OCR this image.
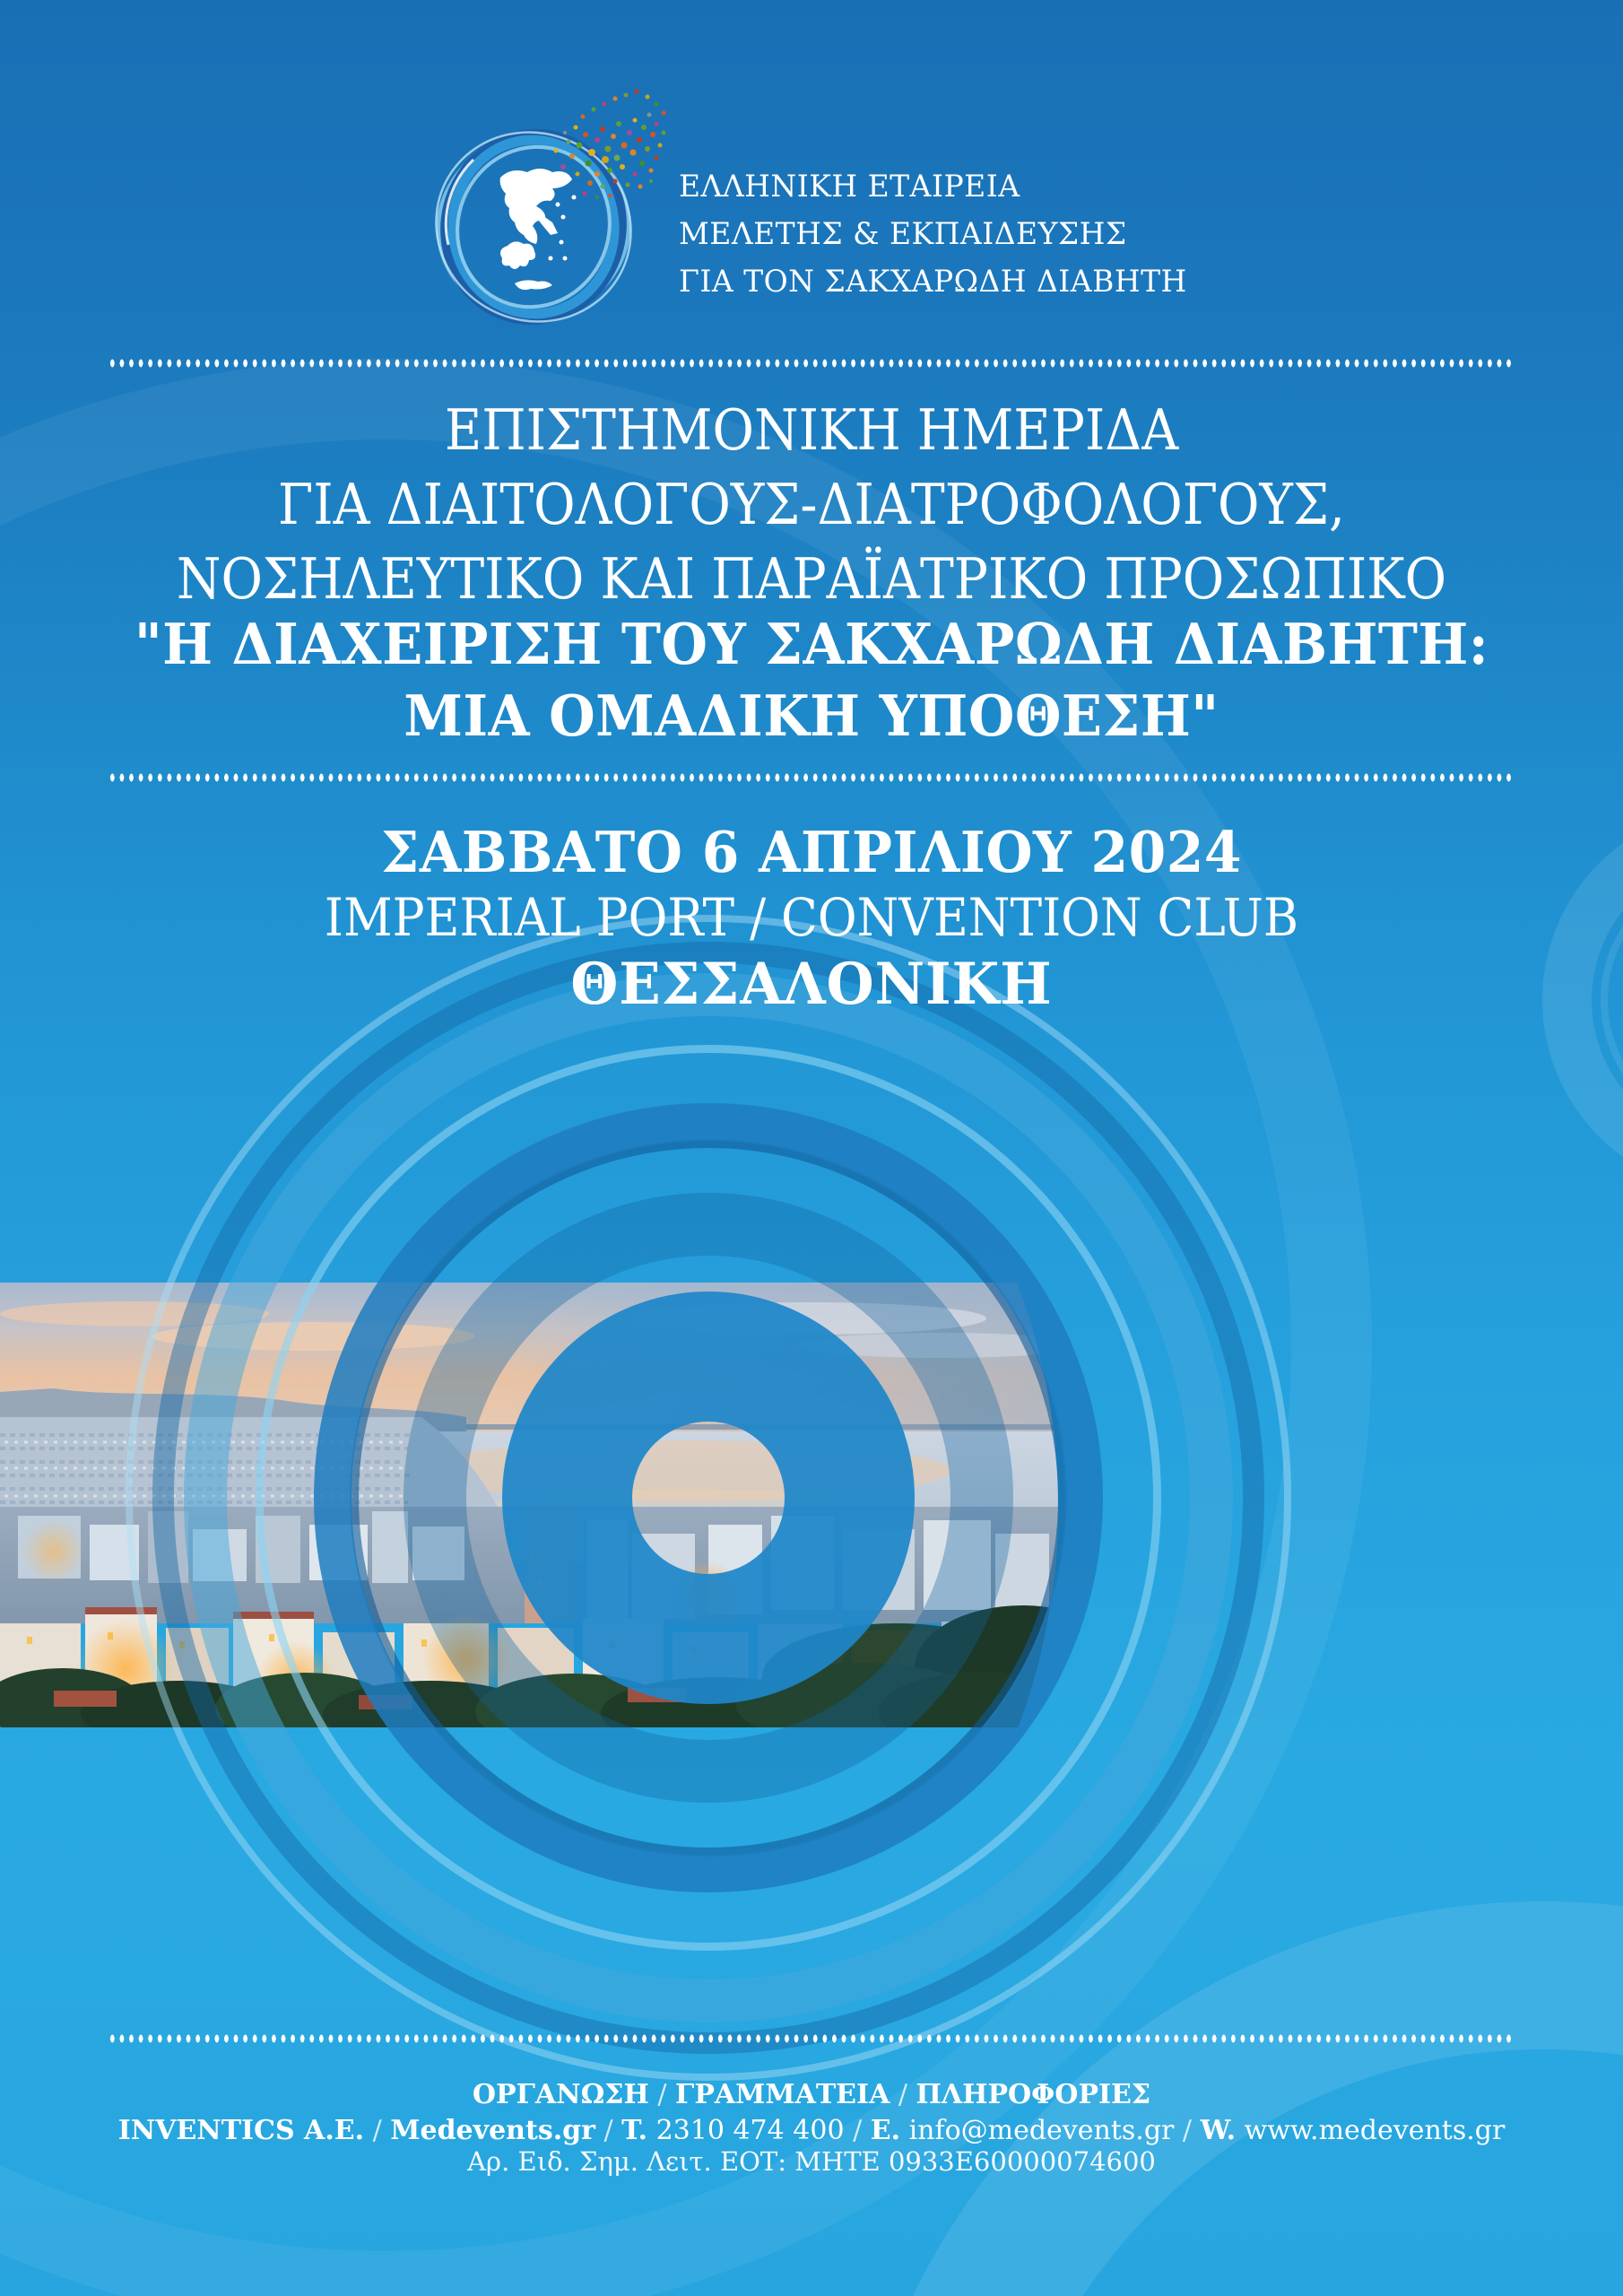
ΕΛΛΗΝΙΚΗ ΕΤΑΙΡΕΙΑ
ΜΕΛΕΤΗΣ & ΕΚΠΑΙΔΕΥΣΗΣ
ΓΙΑ ΤΟΝ ΣΑΚΧΑΡΩΔΗ ΔΙΑΒΗΤΗ
ΕΠΙΣΤΗΜΟΝΙΚΗ ΗΜΕΡΙΔΑ
ΓΙΑ ΔΙΑΙΤΟΛΟΓΟΥΣ-ΔΙΑΤΡΟΦΟΛΟΓΟΥΣ,
ΝΟΣΗΛΕΥΤΙΚΟ ΚΑΙ ΠΑΡΑΪΑΤΡΙΚΟ ΠΡΟΣΩΠΙΚΟ
"Η ΔΙΑΧΕΙΡΙΣΗ ΤΟΥ ΣΑΚΧΑΡΩΔΗ ΔΙΑΒΗΤΗ:
ΜΙΑ ΟΜΑΔΙΚΗ ΥΠΟΘΕΣΗ"
ΣΑΒΒΑΤΟ 6 ΑΠΡΙΛΙΟΥ 2024
IMPERIAL PORT / CONVENTION CLUB
ΘΕΣΣΑΛΟΝΙΚΗ
ΟΡΓΑΝΩΣΗ / ΓΡΑΜΜΑΤΕΙΑ / ΠΛΗΡΟΦΟΡΙΕΣ
INVENTICS A.E. / Medevents.gr / T. 2310 474 400 / E. info@medevents.gr / W. www.medevents.gr
Αρ. Ειδ. Σημ. Λειτ. ΕΟΤ: ΜΗΤΕ 0933Ε60000074600
